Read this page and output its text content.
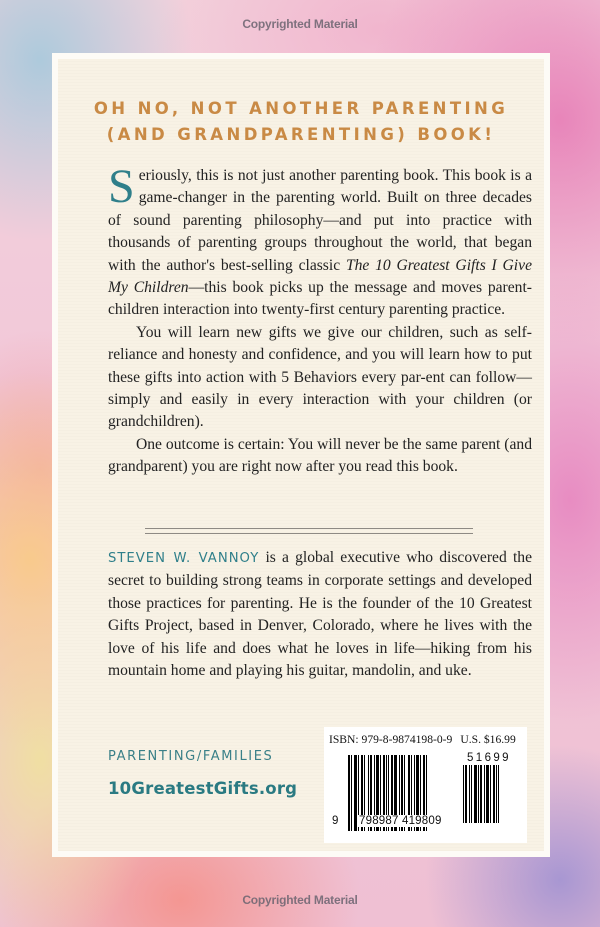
Copyrighted Material
OH NO, NOT ANOTHER PARENTING
(AND GRANDPARENTING) BOOK!

Seriously, this is not just another parenting book. This book is a game-changer in the parenting world. Built on three decades of sound parenting philosophy—and put into practice with thousands of parenting groups throughout the world, that began with the author's best-selling classic The 10 Greatest Gifts I Give My Children—this book picks up the message and moves parent-children interaction into twenty-first century parenting practice.

You will learn new gifts we give our children, such as self-reliance and honesty and confidence, and you will learn how to put these gifts into action with 5 Behaviors every par-ent can follow—simply and easily in every interaction with your children (or grandchildren).

One outcome is certain: You will never be the same parent (and grandparent) you are right now after you read this book.

STEVEN W. VANNOY is a global executive who discovered the secret to building strong teams in corporate settings and developed those practices for parenting. He is the founder of the 10 Greatest Gifts Project, based in Denver, Colorado, where he lives with the love of his life and does what he loves in life—hiking from his mountain home and playing his guitar, mandolin, and uke.

PARENTING/FAMILIES
10GreatestGifts.org
ISBN: 979-8-9874198-0-9 U.S. $16.99
9 798987 419809
51699
Copyrighted Material
